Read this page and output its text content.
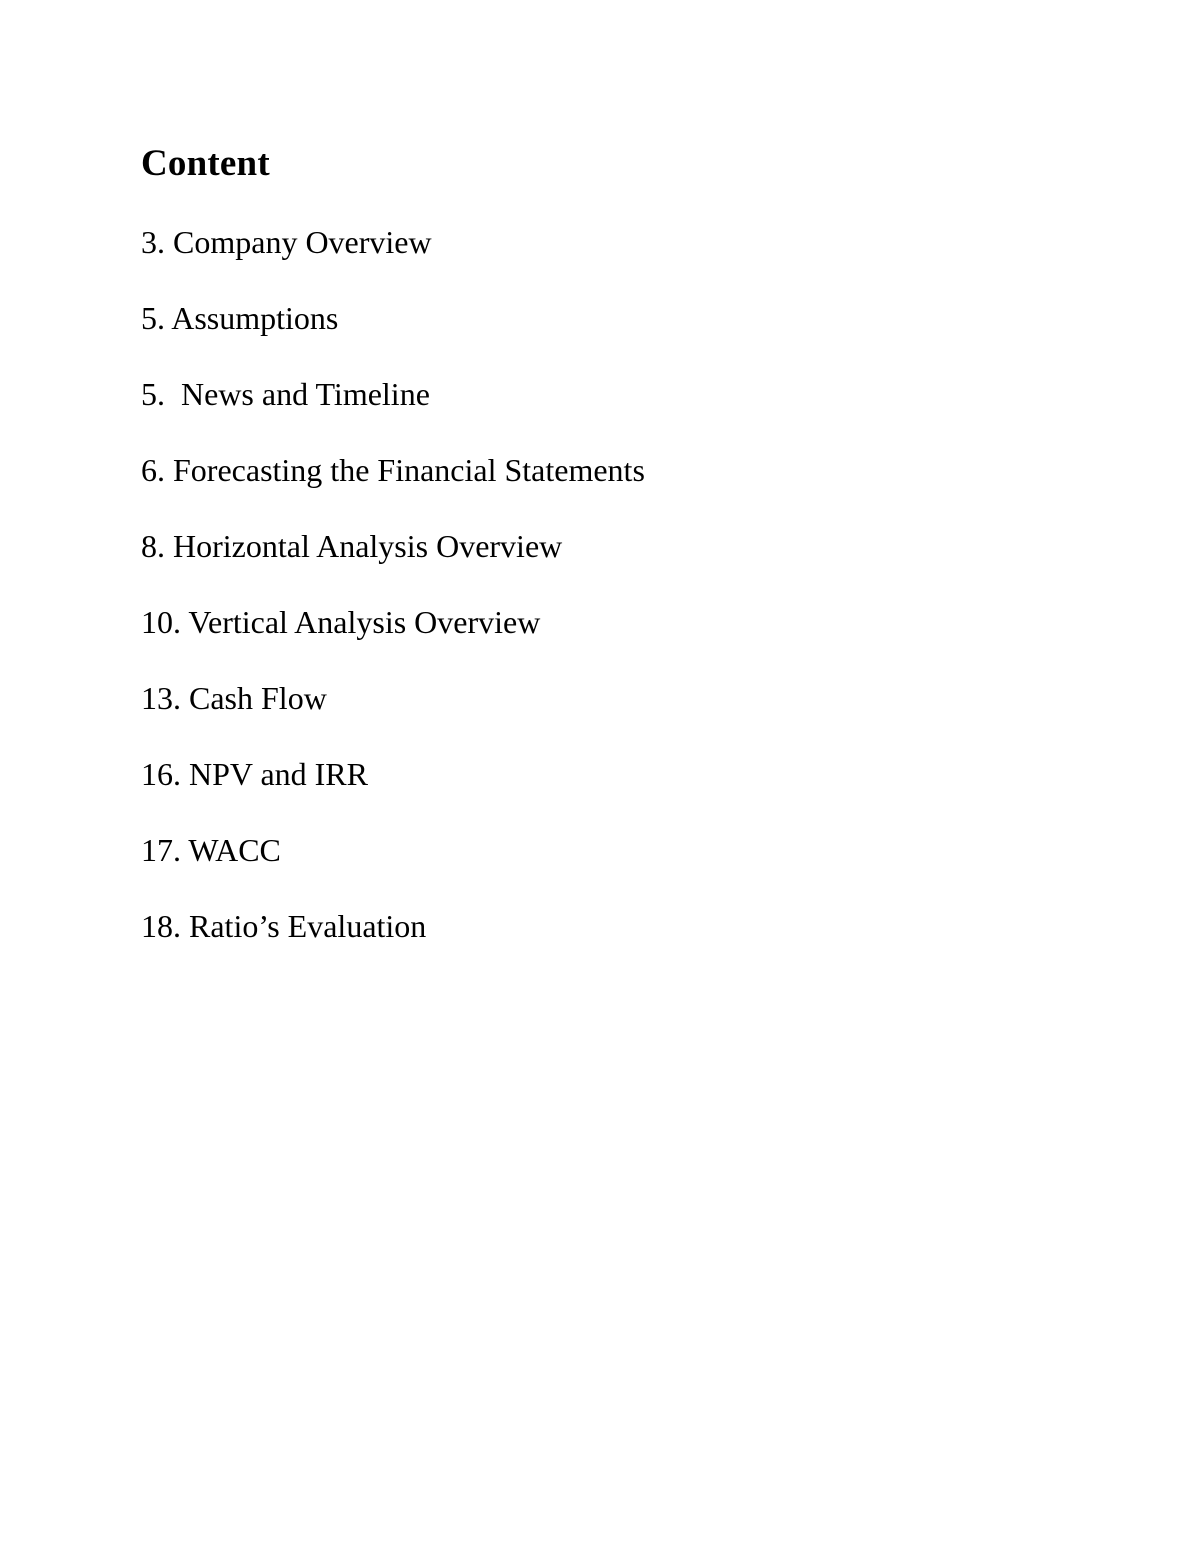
Content
3. Company Overview
5. Assumptions
5.  News and Timeline
6. Forecasting the Financial Statements
8. Horizontal Analysis Overview
10. Vertical Analysis Overview
13. Cash Flow
16. NPV and IRR
17. WACC
18. Ratio’s Evaluation
